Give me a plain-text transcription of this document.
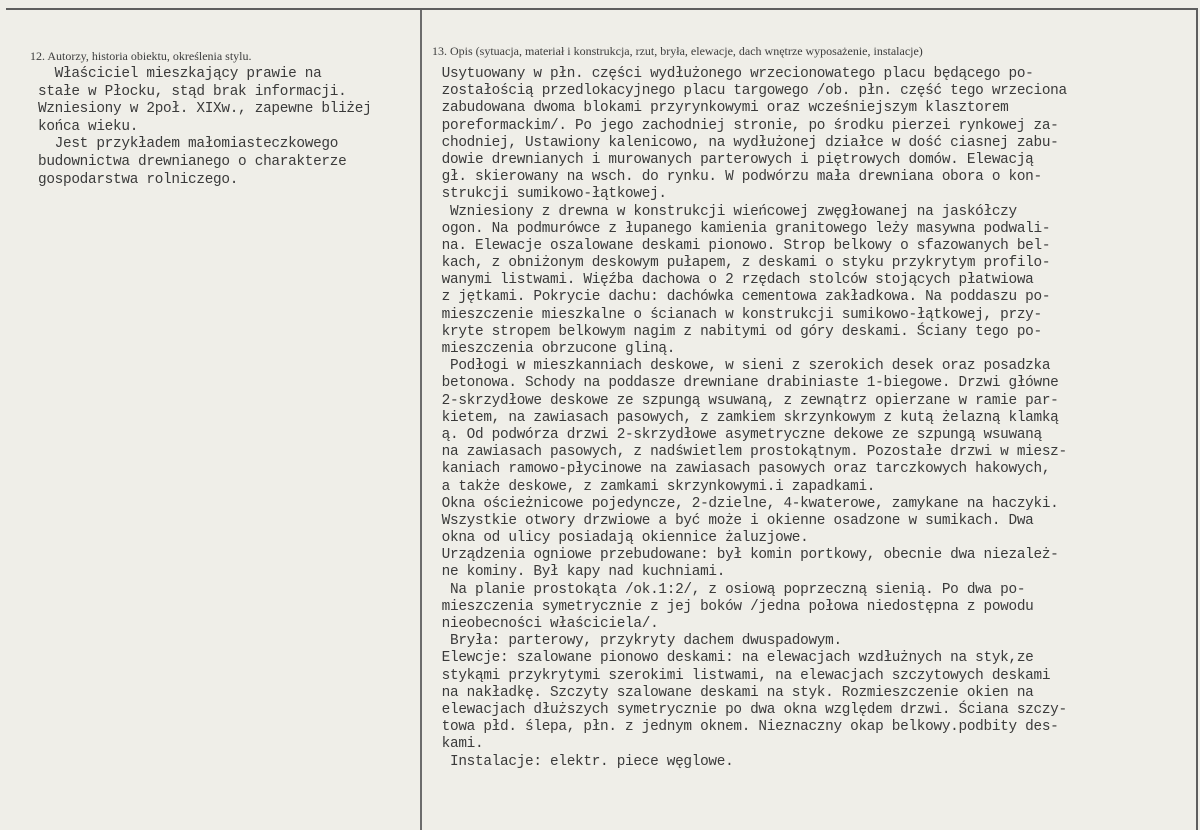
12. Autorzy, historia obiektu, określenia stylu.	13. Opis (sytuacja, materiał i konstrukcja, rzut, bryła, elewacje, dach wnętrze wyposażenie, instalacje)
Właściciel mieszkający prawie na
stałe w Płocku, stąd brak informacji.
Wzniesiony w 2poł. XIXw., zapewne bliżej
końca wieku.
Jest przykładem małomiasteczkowego
budownictwa drewnianego o charakterze
gospodarstwa rolniczego.
Usytuowany w płn. części wydłużonego wrzecionowatego placu będącego po-
zostałością przedlokacyjnego placu targowego /ob. płn. część tego wrzeciona
zabudowana dwoma blokami przyrynkowymi oraz wcześniejszym klasztorem
poreformackim/. Po jego zachodniej stronie, po środku pierzei rynkowej za-
chodniej, Ustawiony kalenicowo, na wydłużonej działce w dość ciasnej zabu-
dowie drewnianych i murowanych parterowych i piętrowych domów. Elewacją
gł. skierowany na wsch. do rynku. W podwórzu mała drewniana obora o kon-
strukcji sumikowo-łątkowej.
Wzniesiony z drewna w konstrukcji wieńcowej zwęgłowanej na jaskółczy
ogon. Na podmurówce z łupanego kamienia granitowego leży masywna podwali-
na. Elewacje oszalowane deskami pionowo. Strop belkowy o sfazowanych bel-
kach, z obniżonym deskowym pułapem, z deskami o styku przykrytym profilo-
wanymi listwami. Więźba dachowa o 2 rzędach stolców stojących płatwiowa
z jętkami. Pokrycie dachu: dachówka cementowa zakładkowa. Na poddaszu po-
mieszczenie mieszkalne o ścianach w konstrukcji sumikowo-łątkowej, przy-
kryte stropem belkowym nagim z nabitymi od góry deskami. Ściany tego po-
mieszczenia obrzucone gliną.
Podłogi w mieszkanniach deskowe, w sieni z szerokich desek oraz posadzka
betonowa. Schody na poddasze drewniane drabiniaste 1-biegowe. Drzwi główne
2-skrzydłowe deskowe ze szpungą wsuwaną, z zewnątrz opierzane w ramie par-
kietem, na zawiasach pasowych, z zamkiem skrzynkowym z kutą żelazną klamką
ą. Od podwórza drzwi 2-skrzydłowe asymetryczne dekowe ze szpungą wsuwaną
na zawiasach pasowych, z nadświetlem prostokątnym. Pozostałe drzwi w miesz-
kaniach ramowo-płycinowe na zawiasach pasowych oraz tarczkowych hakowych,
a także deskowe, z zamkami skrzynkowymi.i zapadkami.
Okna ościeżnicowe pojedyncze, 2-dzielne, 4-kwaterowe, zamykane na haczyki.
Wszystkie otwory drzwiowe a być może i okienne osadzone w sumikach. Dwa
okna od ulicy posiadają okiennice żaluzjowe.
Urządzenia ogniowe przebudowane: był komin portkowy, obecnie dwa niezależ-
ne kominy. Był kapy nad kuchniami.
Na planie prostokąta /ok.1:2/, z osiową poprzeczną sienią. Po dwa po-
mieszczenia symetrycznie z jej boków /jedna połowa niedostępna z powodu
nieobecności właściciela/.
Bryła: parterowy, przykryty dachem dwuspadowym.
Elewcje: szalowane pionowo deskami: na elewacjach wzdłużnych na styk,ze
stykąmi przykrytymi szerokimi listwami, na elewacjach szczytowych deskami
na nakładkę. Szczyty szalowane deskami na styk. Rozmieszczenie okien na
elewacjach dłuższych symetrycznie po dwa okna względem drzwi. Ściana szczy-
towa płd. ślepa, płn. z jednym oknem. Nieznaczny okap belkowy.podbity des-
kami.
Instalacje: elektr. piece węglowe.
